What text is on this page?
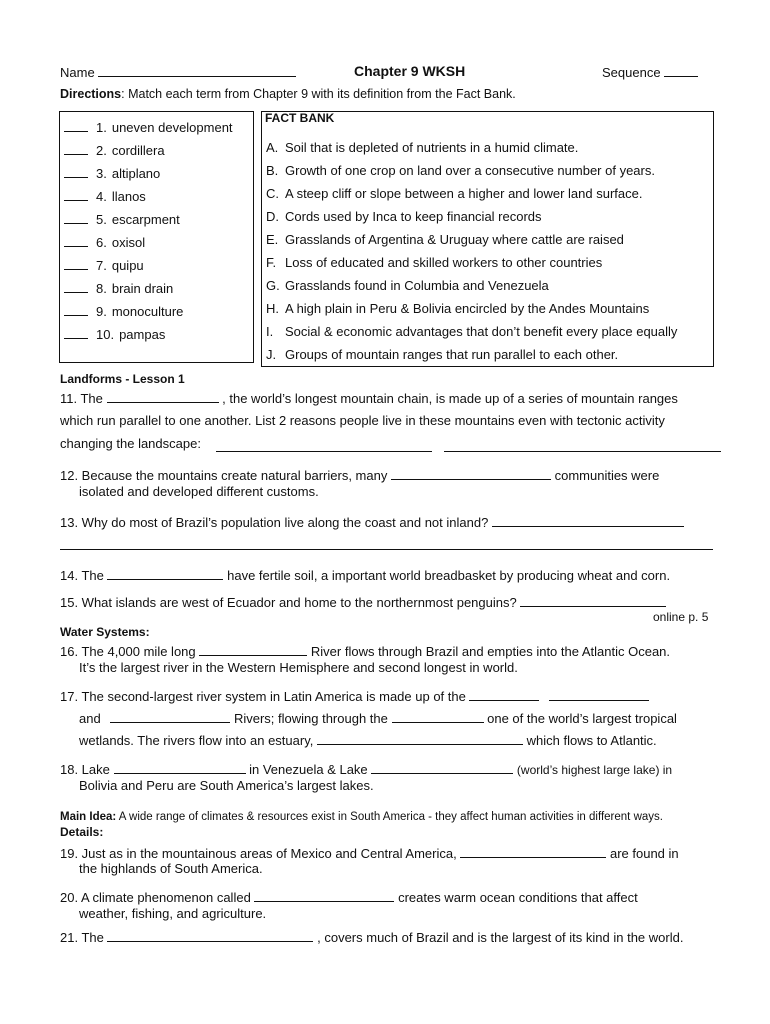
Name	Chapter 9 WKSH	Sequence
Directions: Match each term from Chapter 9 with its definition from the Fact Bank.
1. uneven development
2. cordillera
3. altiplano
4. llanos
5. escarpment
6. oxisol
7. quipu
8. brain drain
9. monoculture
10. pampas
FACT BANK
A. Soil that is depleted of nutrients in a humid climate.
B. Growth of one crop on land over a consecutive number of years.
C. A steep cliff or slope between a higher and lower land surface.
D. Cords used by Inca to keep financial records
E. Grasslands of Argentina & Uruguay where cattle are raised
F. Loss of educated and skilled workers to other countries
G. Grasslands found in Columbia and Venezuela
H. A high plain in Peru & Bolivia encircled by the Andes Mountains
I. Social & economic advantages that don’t benefit every place equally
J. Groups of mountain ranges that run parallel to each other.
Landforms - Lesson 1
11. The	, the world’s longest mountain chain, is made up of a series of mountain ranges
which run parallel to one another. List 2 reasons people live in these mountains even with tectonic activity
changing the landscape:
12. Because the mountains create natural barriers, many	communities were
isolated and developed different customs.
13. Why do most of Brazil’s population live along the coast and not inland?
14. The	have fertile soil, a important world breadbasket by producing wheat and corn.
15. What islands are west of Ecuador and home to the northernmost penguins?
online p. 5
Water Systems:
16. The 4,000 mile long	River flows through Brazil and empties into the Atlantic Ocean.
It’s the largest river in the Western Hemisphere and second longest in world.
17. The second-largest river system in Latin America is made up of the
and	Rivers; flowing through the	one of the world’s largest tropical
wetlands. The rivers flow into an estuary,	which flows to Atlantic.
18. Lake	in Venezuela & Lake	(world’s highest large lake) in
Bolivia and Peru are South America’s largest lakes.
Main Idea: A wide range of climates & resources exist in South America - they affect human activities in different ways.
Details:
19. Just as in the mountainous areas of Mexico and Central America,	are found in
the highlands of South America.
20. A climate phenomenon called	creates warm ocean conditions that affect
weather, fishing, and agriculture.
21. The	, covers much of Brazil and is the largest of its kind in the world.
